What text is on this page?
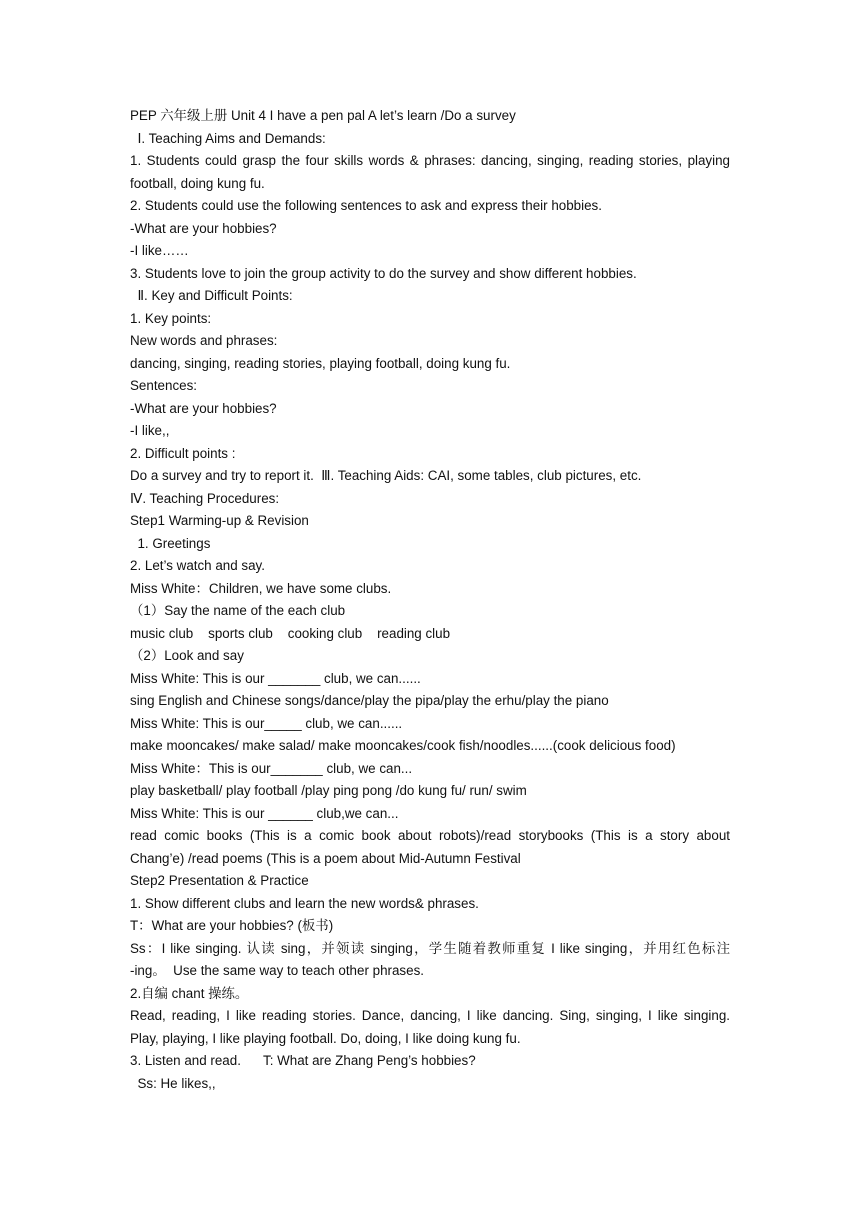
PEP 六年级上册 Unit 4 I have a pen pal A let’s learn /Do a survey
Ⅰ. Teaching Aims and Demands:
1. Students could grasp the four skills words & phrases: dancing, singing, reading stories, playing
football, doing kung fu.
2. Students could use the following sentences to ask and express their hobbies.
-What are your hobbies?
-I like……
3. Students love to join the group activity to do the survey and show different hobbies.
Ⅱ. Key and Difficult Points:
1. Key points:
New words and phrases:
dancing, singing, reading stories, playing football, doing kung fu.
Sentences:
-What are your hobbies?
-I like,,
2. Difficult points :
Do a survey and try to report it.  Ⅲ. Teaching Aids: CAI, some tables, club pictures, etc.
Ⅳ. Teaching Procedures:
Step1 Warming-up & Revision
1. Greetings
2. Let’s watch and say.
Miss White：Children, we have some clubs.
（1）Say the name of the each club
music club    sports club    cooking club    reading club
（2）Look and say
Miss White: This is our _______ club, we can......
sing English and Chinese songs/dance/play the pipa/play the erhu/play the piano
Miss White: This is our_____ club, we can......
make mooncakes/ make salad/ make mooncakes/cook fish/noodles......(cook delicious food)
Miss White：This is our_______ club, we can...
play basketball/ play football /play ping pong /do kung fu/ run/ swim
Miss White: This is our ______ club,we can...
read comic books (This is a comic book about robots)/read storybooks (This is a story about
Chang’e) /read poems (This is a poem about Mid-Autumn Festival
Step2 Presentation & Practice
1. Show different clubs and learn the new words& phrases.
T：What are your hobbies? (板书)
Ss：I like singing. 认读 sing，并领读 singing，学生随着教师重复 I like singing，并用红色标注
-ing。  Use the same way to teach other phrases.
2.自编 chant 操练。
Read, reading, I like reading stories. Dance, dancing, I like dancing. Sing, singing, I like singing.
Play, playing, I like playing football. Do, doing, I like doing kung fu.
3. Listen and read.      T: What are Zhang Peng’s hobbies?
Ss: He likes,,
